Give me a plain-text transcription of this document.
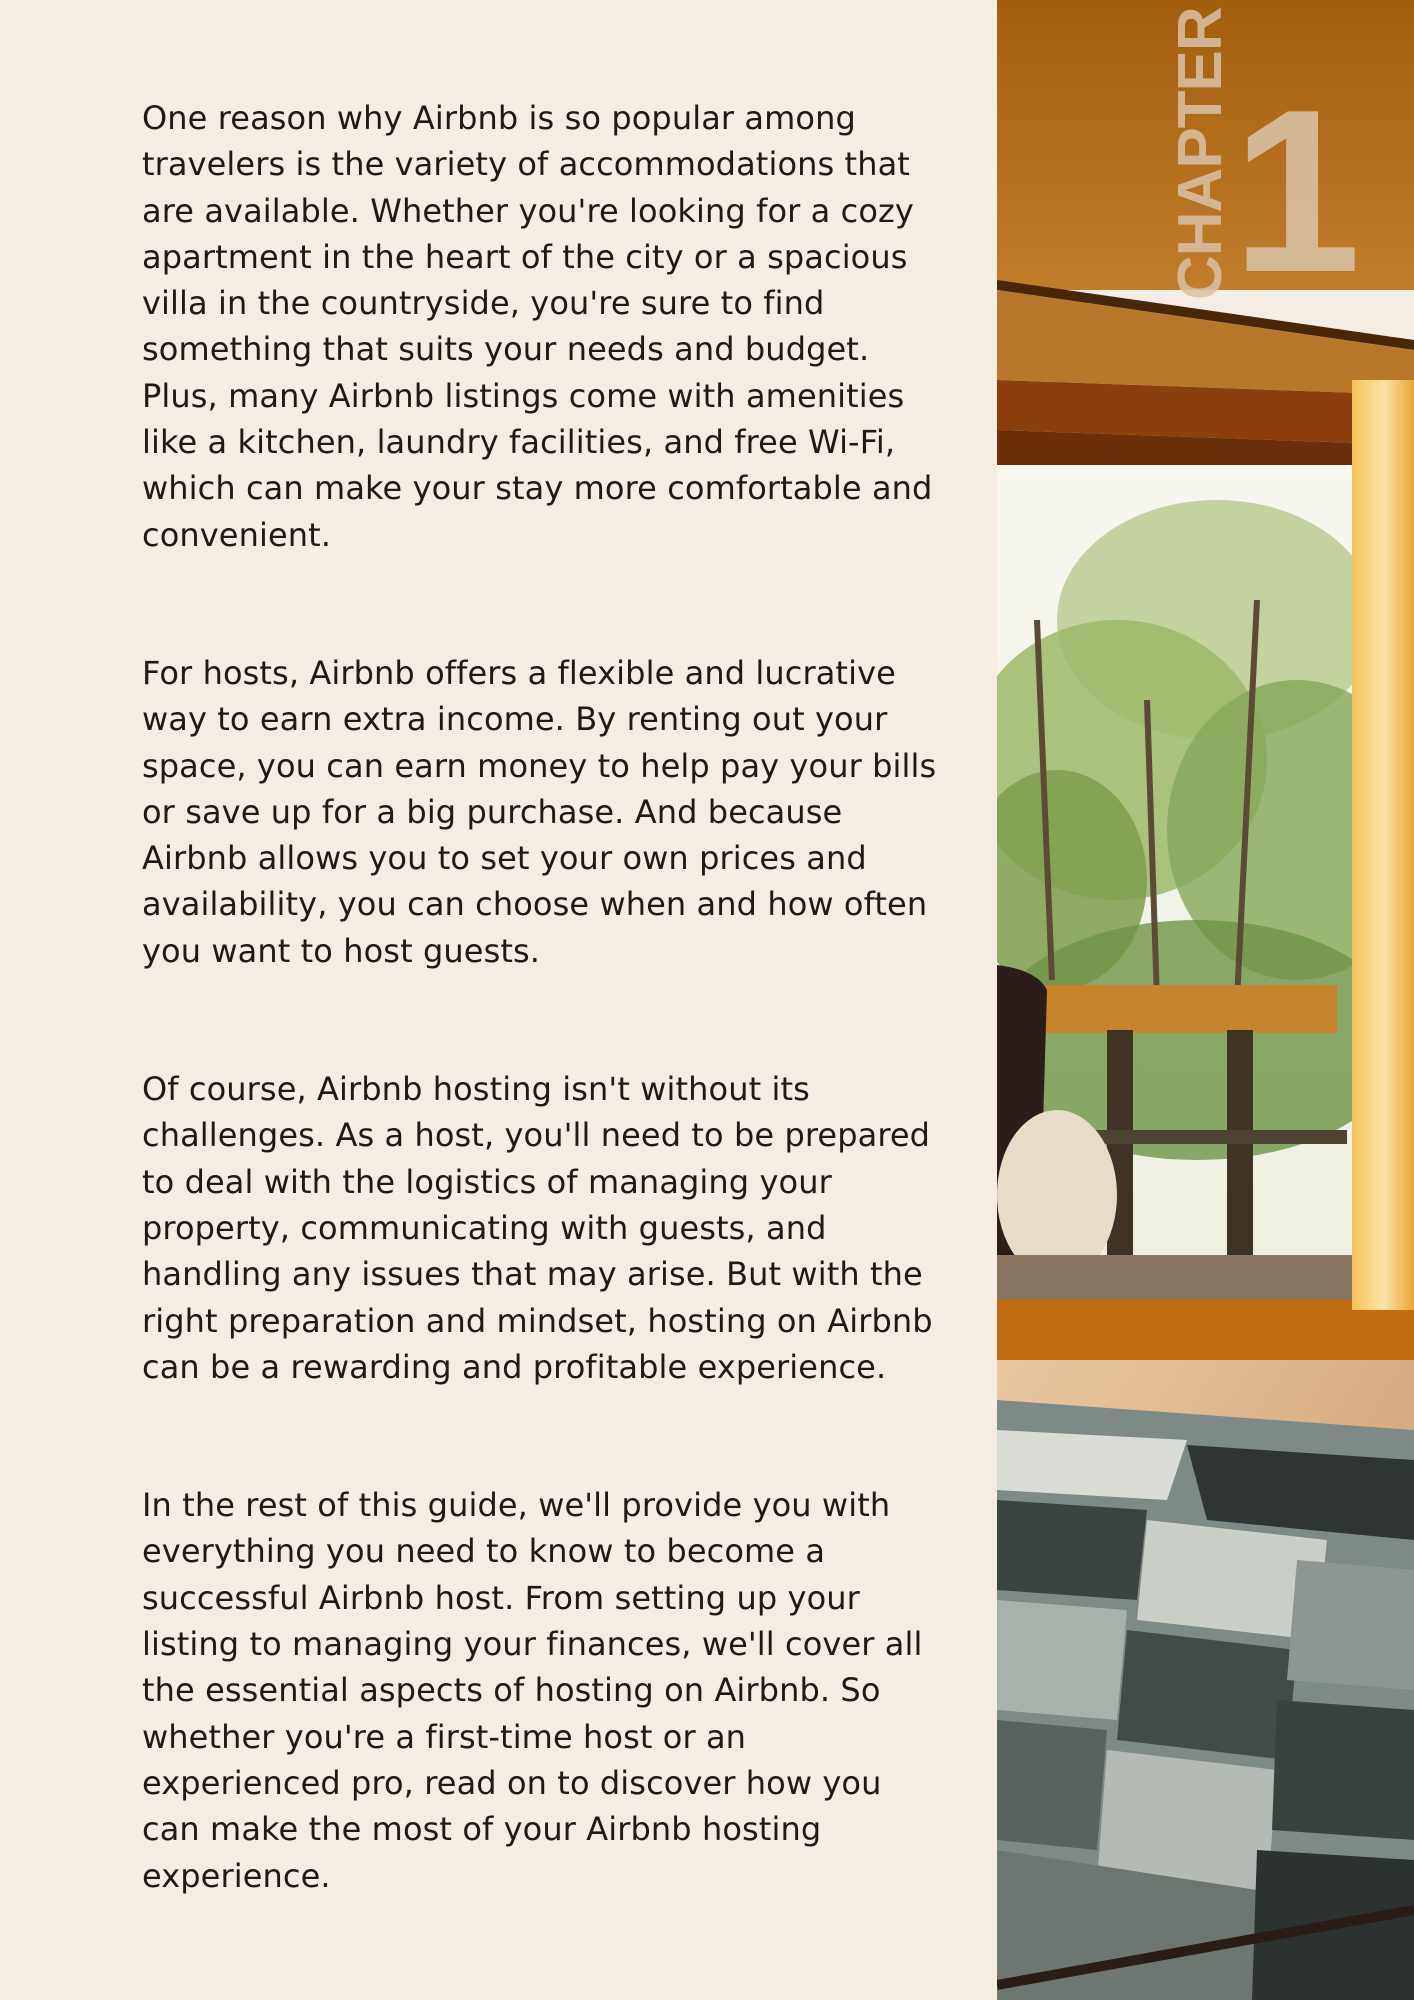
One reason why Airbnb is so popular among travelers is the variety of accommodations that are available. Whether you're looking for a cozy apartment in the heart of the city or a spacious villa in the countryside, you're sure to find something that suits your needs and budget. Plus, many Airbnb listings come with amenities like a kitchen, laundry facilities, and free Wi-Fi, which can make your stay more comfortable and convenient.

For hosts, Airbnb offers a flexible and lucrative way to earn extra income. By renting out your space, you can earn money to help pay your bills or save up for a big purchase. And because Airbnb allows you to set your own prices and availability, you can choose when and how often you want to host guests.

Of course, Airbnb hosting isn't without its challenges. As a host, you'll need to be prepared to deal with the logistics of managing your property, communicating with guests, and handling any issues that may arise. But with the right preparation and mindset, hosting on Airbnb can be a rewarding and profitable experience.

In the rest of this guide, we'll provide you with everything you need to know to become a successful Airbnb host. From setting up your listing to managing your finances, we'll cover all the essential aspects of hosting on Airbnb. So whether you're a first-time host or an experienced pro, read on to discover how you can make the most of your Airbnb hosting experience.

CHAPTER
1
